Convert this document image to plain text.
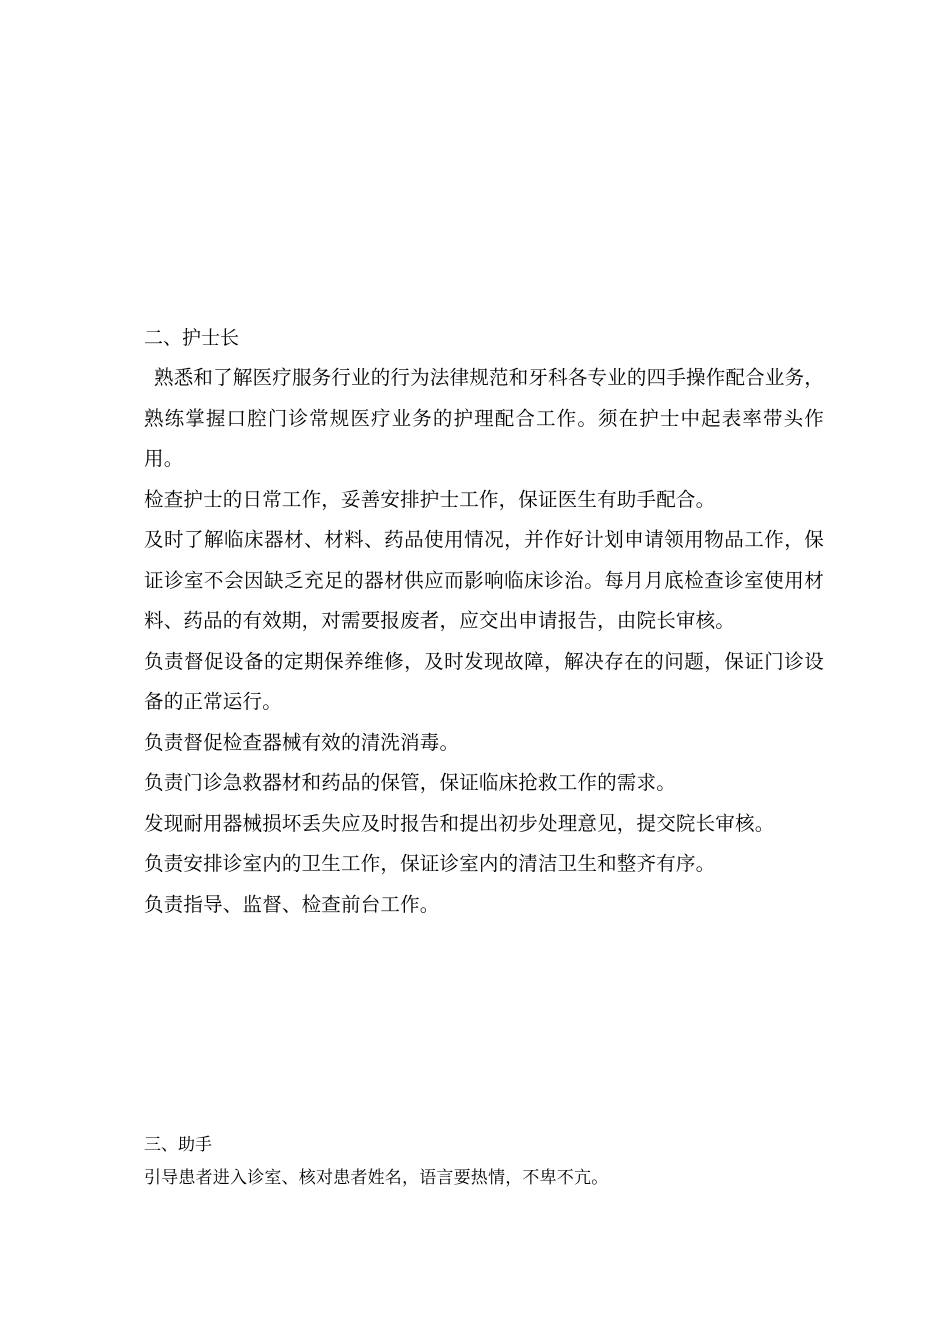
二、护士长
熟悉和了解医疗服务行业的行为法律规范和牙科各专业的四手操作配合业务，熟练掌握口腔门诊常规医疗业务的护理配合工作。须在护士中起表率带头作用。
检查护士的日常工作，妥善安排护士工作，保证医生有助手配合。
及时了解临床器材、材料、药品使用情况，并作好计划申请领用物品工作，保证诊室不会因缺乏充足的器材供应而影响临床诊治。每月月底检查诊室使用材料、药品的有效期，对需要报废者，应交出申请报告，由院长审核。
负责督促设备的定期保养维修，及时发现故障，解决存在的问题，保证门诊设备的正常运行。
负责督促检查器械有效的清洗消毒。
负责门诊急救器材和药品的保管，保证临床抢救工作的需求。
发现耐用器械损坏丢失应及时报告和提出初步处理意见，提交院长审核。
负责安排诊室内的卫生工作，保证诊室内的清洁卫生和整齐有序。
负责指导、监督、检查前台工作。
三、助手
引导患者进入诊室、核对患者姓名，语言要热情，不卑不亢。
